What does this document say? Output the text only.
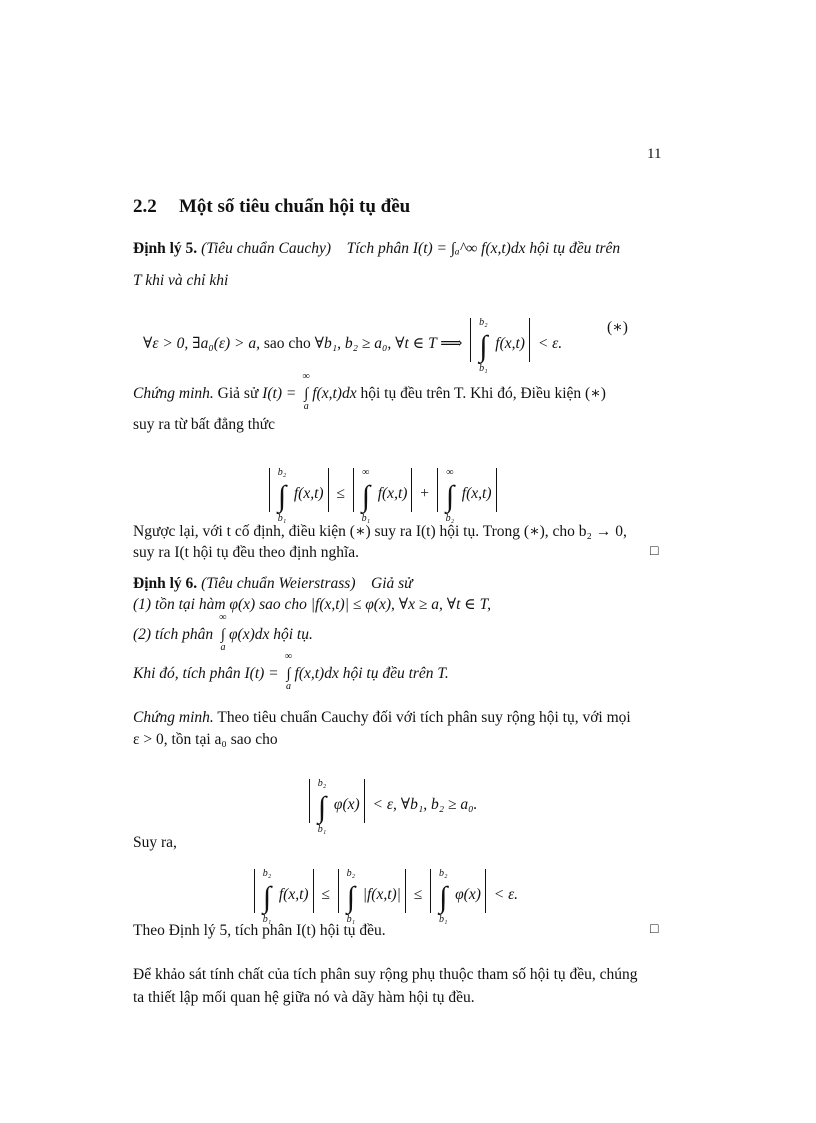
11
2.2 Một số tiêu chuẩn hội tụ đều
Định lý 5. (Tiêu chuẩn Cauchy) Tích phân I(t) = ∫ₐ^∞ f(x,t)dx hội tụ đều trên
T khi và chỉ khi
∀ε > 0, ∃a₀(ε) > a, sao cho ∀b₁, b₂ ≥ a₀, ∀t ∈ T ⟹
b₂
∫
b₁
f(x,t) < ε.
(∗)
Chứng minh. Giả sử I(t) =
∞
∫
a
f(x,t)dx hội tụ đều trên T. Khi đó, Điều kiện (∗)
suy ra từ bất đẳng thức
b₂
∫
b₁
f(x,t) ≤
∞
∫
b₁
f(x,t) +
∞
∫
b₂
f(x,t)
Ngược lại, với t cố định, điều kiện (∗) suy ra I(t) hội tụ. Trong (∗), cho b₂ → 0,
suy ra I(t hội tụ đều theo định nghĩa.	□
Định lý 6. (Tiêu chuẩn Weierstrass) Giả sử
(1) tồn tại hàm φ(x) sao cho |f(x,t)| ≤ φ(x), ∀x ≥ a, ∀t ∈ T,
(2) tích phân
∞
∫
a
φ(x)dx hội tụ.
Khi đó, tích phân I(t) =
∞
∫
a
f(x,t)dx hội tụ đều trên T.
Chứng minh. Theo tiêu chuẩn Cauchy đối với tích phân suy rộng hội tụ, với mọi
ε > 0, tồn tại a₀ sao cho
b₂
∫
b₁
φ(x) < ε, ∀b₁, b₂ ≥ a₀.
Suy ra,
b₂
∫
b₁
f(x,t) ≤
b₂
∫
b₁
|f(x,t)| ≤
b₂
∫
b₁
φ(x) < ε.
Theo Định lý 5, tích phân I(t) hội tụ đều.	□
Để khảo sát tính chất của tích phân suy rộng phụ thuộc tham số hội tụ đều, chúng
ta thiết lập mối quan hệ giữa nó và dãy hàm hội tụ đều.
